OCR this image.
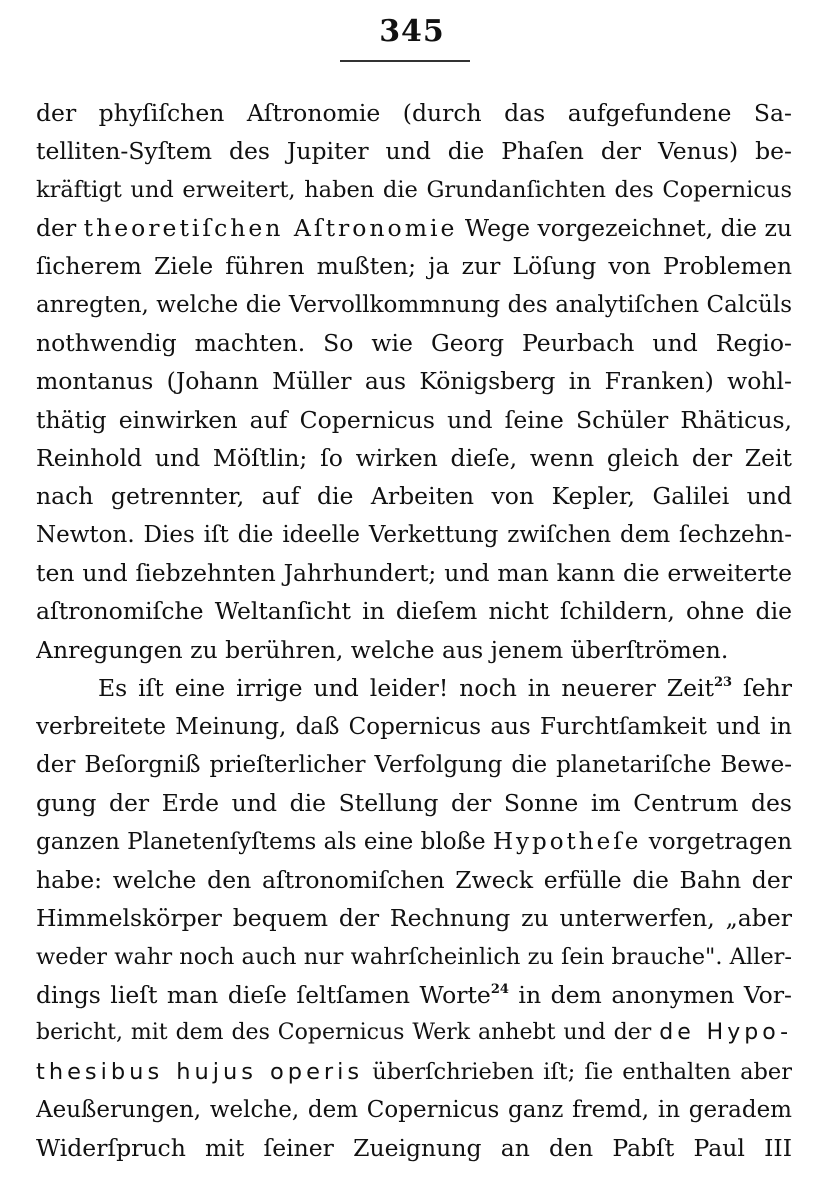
345
der phyſiſchen Aſtronomie (durch das aufgefundene Sa-
telliten-Syſtem des Jupiter und die Phaſen der Venus) be-
kräftigt und erweitert, haben die Grundanſichten des Copernicus
der theoretiſchen Aſtronomie Wege vorgezeichnet, die zu
ſicherem Ziele führen mußten; ja zur Löſung von Problemen
anregten, welche die Vervollkommnung des analytiſchen Calcüls
nothwendig machten. So wie Georg Peurbach und Regio-
montanus (Johann Müller aus Königsberg in Franken) wohl-
thätig einwirken auf Copernicus und ſeine Schüler Rhäticus,
Reinhold und Möſtlin; ſo wirken dieſe, wenn gleich der Zeit
nach getrennter, auf die Arbeiten von Kepler, Galilei und
Newton. Dies iſt die ideelle Verkettung zwiſchen dem ſechzehn-
ten und ſiebzehnten Jahrhundert; und man kann die erweiterte
aſtronomiſche Weltanſicht in dieſem nicht ſchildern, ohne die
Anregungen zu berühren, welche aus jenem überſtrömen.
Es iſt eine irrige und leider! noch in neuerer Zeit$^{23}$ ſehr
verbreitete Meinung, daß Copernicus aus Furchtſamkeit und in
der Beſorgniß prieſterlicher Verfolgung die planetariſche Bewe-
gung der Erde und die Stellung der Sonne im Centrum des
ganzen Planetenſyſtems als eine bloße Hypotheſe vorgetragen
habe: welche den aſtronomiſchen Zweck erfülle die Bahn der
Himmelskörper bequem der Rechnung zu unterwerfen, „aber
weder wahr noch auch nur wahrſcheinlich zu ſein brauche". Aller-
dings lieſt man dieſe ſeltſamen Worte$^{24}$ in dem anonymen Vor-
bericht, mit dem des Copernicus Werk anhebt und der de Hypo-
thesibus hujus operis überſchrieben iſt; ſie enthalten aber
Aeußerungen, welche, dem Copernicus ganz fremd, in geradem
Widerſpruch mit ſeiner Zueignung an den Pabſt Paul III
